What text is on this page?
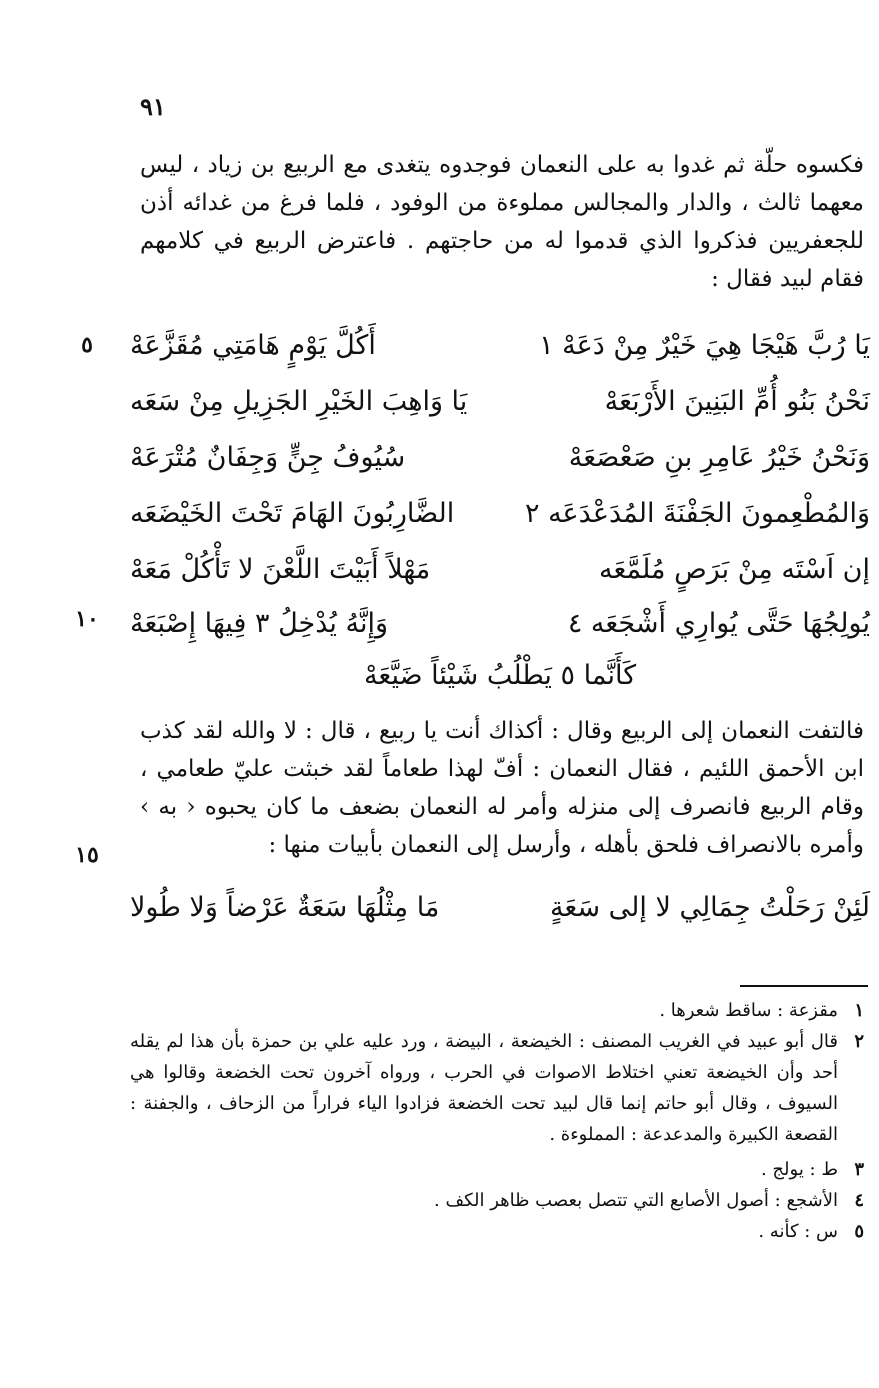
٩١
فكسوه حلّة ثم غدوا به على النعمان فوجدوه يتغدى مع الربيع بن زياد ، ليس معهما ثالث ، والدار والمجالس مملوءة من الوفود ، فلما فرغ من غدائه أذن للجعفريين فذكروا الذي قدموا له من حاجتهم . فاعترض الربيع في كلامهم فقام لبيد فقال :
يَا رُبَّ هَيْجَا هِيَ خَيْرٌ مِنْ دَعَهْ ١
أَكُلَّ يَوْمٍ هَامَتِي مُقَزَّعَهْ
نَحْنُ بَنُو أُمِّ البَنِينَ الأَرْبَعَهْ
يَا وَاهِبَ الخَيْرِ الجَزِيلِ مِنْ سَعَه
وَنَحْنُ خَيْرُ عَامِرِ بنِ صَعْصَعَهْ
سُيُوفُ جِنٍّ وَجِفَانٌ مُتْرَعَهْ
وَالمُطْعِمونَ الجَفْنَةَ المُدَعْدَعَه ٢
الضَّارِبُونَ الهَامَ تَحْتَ الخَيْضَعَه
إن اَسْتَه مِنْ بَرَصٍ مُلَمَّعَه
مَهْلاً أَبَيْتَ اللَّعْنَ لا تَأْكُلْ مَعَهْ
يُولِجُهَا حَتَّى يُوارِي أَشْجَعَه ٤
وَإِنَّهُ يُدْخِلُ ٣ فِيهَا إِصْبَعَهْ
كَأَنَّما ٥ يَطْلُبُ شَيْئاً ضَيَّعَهْ
فالتفت النعمان إلى الربيع وقال : أكذاك أنت يا ربيع ، قال : لا والله لقد كذب ابن الأحمق اللئيم ، فقال النعمان : أفّ لهذا طعاماً لقد خبثت عليّ طعامي ، وقام الربيع فانصرف إلى منزله وأمر له النعمان بضعف ما كان يحبوه ‹ به › وأمره بالانصراف فلحق بأهله ، وأرسل إلى النعمان بأبيات منها :
لَئِنْ رَحَلْتُ جِمَالِي لا إلى سَعَةٍ
مَا مِثْلُهَا سَعَةٌ عَرْضاً وَلا طُولا
٥
١٠
١٥
١
مقزعة : ساقط شعرها .
٢
قال أبو عبيد في الغريب المصنف : الخيضعة ، البيضة ، ورد عليه علي بن حمزة بأن هذا لم يقله أحد وأن الخيضعة تعني اختلاط الاصوات في الحرب ، ورواه آخرون تحت الخضعة وقالوا هي السيوف ، وقال أبو حاتم إنما قال لبيد تحت الخضعة فزادوا الياء فراراً من الزحاف ، والجفنة : القصعة الكبيرة والمدعدعة : المملوءة .
٣
ط : يولج .
٤
الأشجع : أصول الأصابع التي تتصل بعصب ظاهر الكف .
٥
س : كأنه .
